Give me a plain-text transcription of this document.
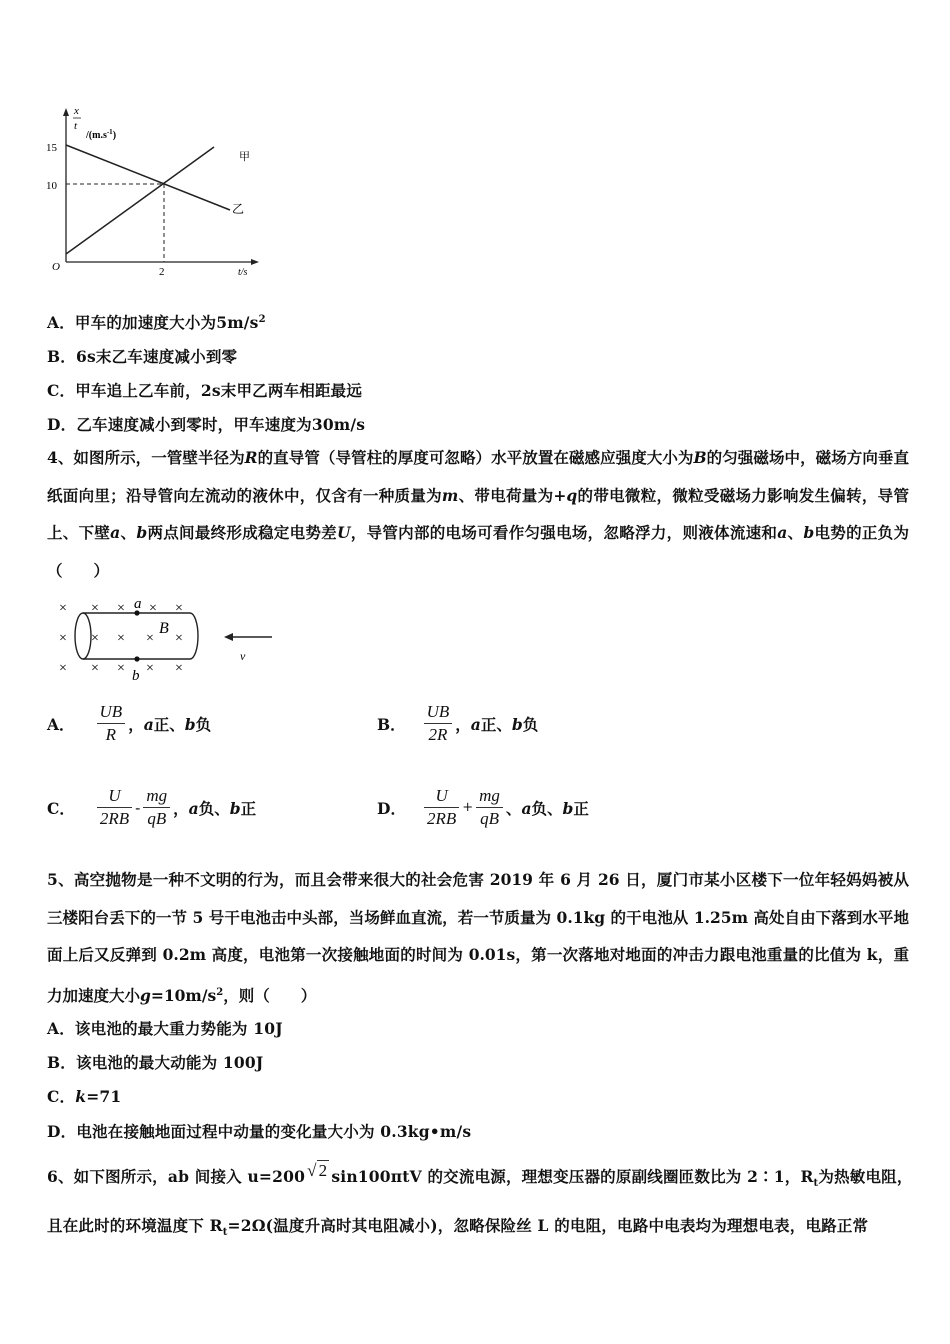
x
t
$/(m.s^{-1})$
15
10
2
O	t/s
甲
乙
A．甲车的加速度大小为$5m/s^2$
B．6s末乙车速度减小到零
C．甲车追上乙车前，2s末甲乙两车相距最远
D．乙车速度减小到零时，甲车速度为30m/s
4、如图所示，一管壁半径为R的直导管（导管柱的厚度可忽略）水平放置在磁感应强度大小为B的匀强磁场中，磁场方向垂直纸面向里；沿导管向左流动的液休中，仅含有一种质量为m、带电荷量为+q的带电微粒，微粒受磁场力影响发生偏转，导管上、下壁a、b两点间最终形成稳定电势差U，导管内部的电场可看作匀强电场，忽略浮力，则液体流速和a、b电势的正负为（　　）
× × × × ×
× × × × ×
× × × × ×
a
b
B
v
A． $\frac{UB}{R}$ ，a正、b负	B． $\frac{UB}{2R}$ ，a正、b负
C． $\frac{U}{2RB} - \frac{mg}{qB}$ ，a负、b正	D． $\frac{U}{2RB} + \frac{mg}{qB}$ 、a负、b正
5、高空抛物是一种不文明的行为，而且会带来很大的社会危害 2019 年 6 月 26 日，厦门市某小区楼下一位年轻妈妈被从三楼阳台丢下的一节 5 号干电池击中头部，当场鲜血直流，若一节质量为 0.1kg 的干电池从 1.25m 高处自由下落到水平地面上后又反弹到 0.2m 高度，电池第一次接触地面的时间为 0.01s，第一次落地对地面的冲击力跟电池重量的比值为 k，重力加速度大小$g=10m/s^2$，则（　　）
A．该电池的最大重力势能为 10J
B．该电池的最大动能为 100J
C．k=71
D．电池在接触地面过程中动量的变化量大小为 0.3kg•m/s
6、如下图所示，ab 间接入 u=200 √ 2 sin100πtV 的交流电源，理想变压器的原副线圈匝数比为 2∶1，$R_t$为热敏电阻，
且在此时的环境温度下 $R_t=2\Omega$(温度升高时其电阻减小)，忽略保险丝 L 的电阻，电路中电表均为理想电表，电路正常
